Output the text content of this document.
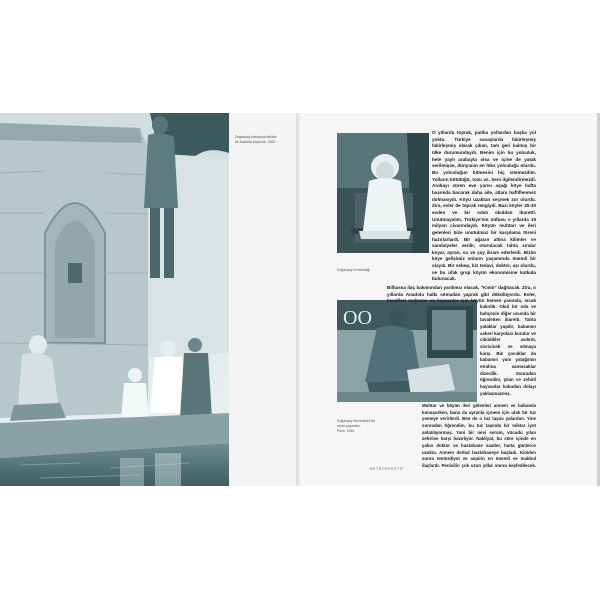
Doğançay babasıyla birlikte
bir Anadolu köyünde, 1952
Doğançay'ın bebekliği
OO
Doğançay Montmartre'da
resim yaparken,
Paris, 1955

O yıllarda toprak, patika yollardan başka yol yoktu. Türkiye savaşlarda fakirleşmiş fakirleşmiş olarak çıkan, tam geri kalmış bir ülke durumundaydı. Benim için bu yolculuk, hele yaylı arabayla olsa ve içine de yatak serilmişse, dünyanın en lüks yolculuğu olurdu. Bu yolculuğun bitmesini hiç istemezdim. Yolların kötülüğü, tozu vs. beni ilgilendirmezdi. Arabayı süren eve yarısı aşağı köye hafta başımda bacarak daha aile, atlara haftiflenmez dolmasıydı. Köyü uzaktan seçmek zor olurdu. Zira, evler de toprak rengiydi. Bazı köyler 25-30 evden ve bir odalı okuldan ibaretti. Unutmayalım, Türkiye'nin nüfusu o yıllarda 15 milyon civarındaydı. Köyün muhtarı ve ileri gelenleri bize unutulmaz bir karşılama töreni hazırlarlardı. Bir ağacın altına kilimler ve sandalyeler serilir, oturulacak tahta sıralar koyar, ayran, su ve çay ikram ederlerdi. Bizim köye gelişimiz onların yaşamında önemli bir olaydı. Bir sebep, biz tedavi, doktor, aşı olurdu, ve bu ufak grup köyün ekonomisine katkıda bulunacak.

Bilhassa ilaç bakımından yardımcı olacak, "Kinin" dağıtacak. Zira, o yıllarda Anadolu halkı sıtmadan yaprak gibi dökülüyordu. Evler, kendileri malzeme ve hayvanlar için köyün hemen yanında, sıcak

kalırdık. Okul bir oda ve bahçenin diğer ucunda bir tuvaletten ibaretti. Tahta yataklar yapılır, babamın askeri karyolası kurulur ve cibinlikler asılırdı, sivrisinek ve sılmaya karşı. Biz çocuklar da babamın yanı yatağımın etrafına sarmısaklar dizerdik. Sonradan öğrendim, yılan ve zehirli hayvanlar kokudan dolayı yaklaşmazmış.

Muhtar ve köyün ileri gelenleri annem ve babamla konuşurken, bana da ayranla içmem için ufak bir tuz yemeye verirlerdi. Ben de o tuz taşını yalardım. Yine sonradan öğrendim, bu tuz taşında bir miktar iyot anlatılıyormuş. Yani bir nevi serum, vücudu yılan zehirine karşı hazırlıyor. Nakliyat, bu süre içinde en yakın doktor ve hastahane saatler, hatta günlerce uzakta. Annem derhal hastahaneye başladı. Kiniden sonra tentürdiyot ve aspirin en önemli ve makbul ilaçlardı. Penisilin çok uzun yıllar sonra keşfedilecek.

RETROSPEKTİF
